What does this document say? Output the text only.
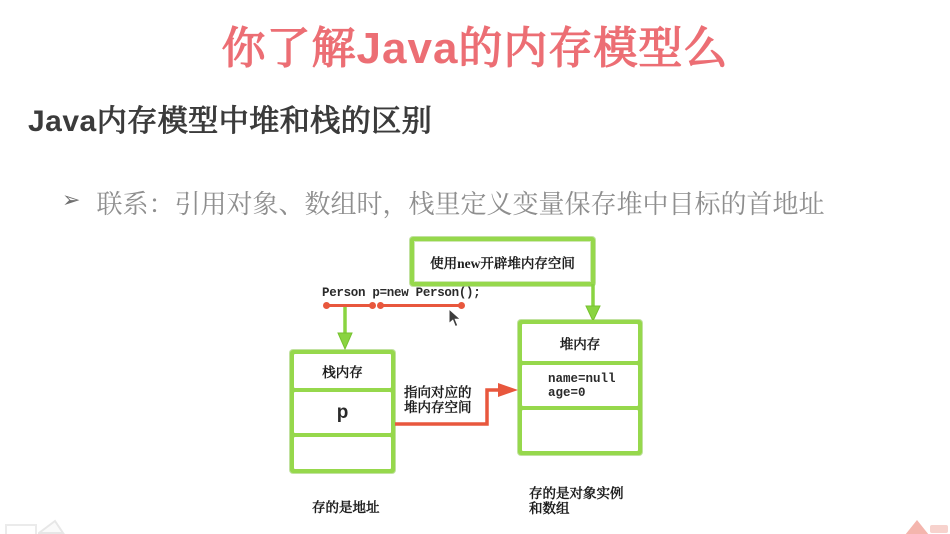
你了解Java的内存模型么
Java内存模型中堆和栈的区别
➢ 联系：引用对象、数组时，栈里定义变量保存堆中目标的首地址
使用new开辟堆内存空间
Person p=new Person();
栈内存
p
堆内存
name=null
age=0
指向对应的
堆内存空间
存的是地址
存的是对象实例
和数组
